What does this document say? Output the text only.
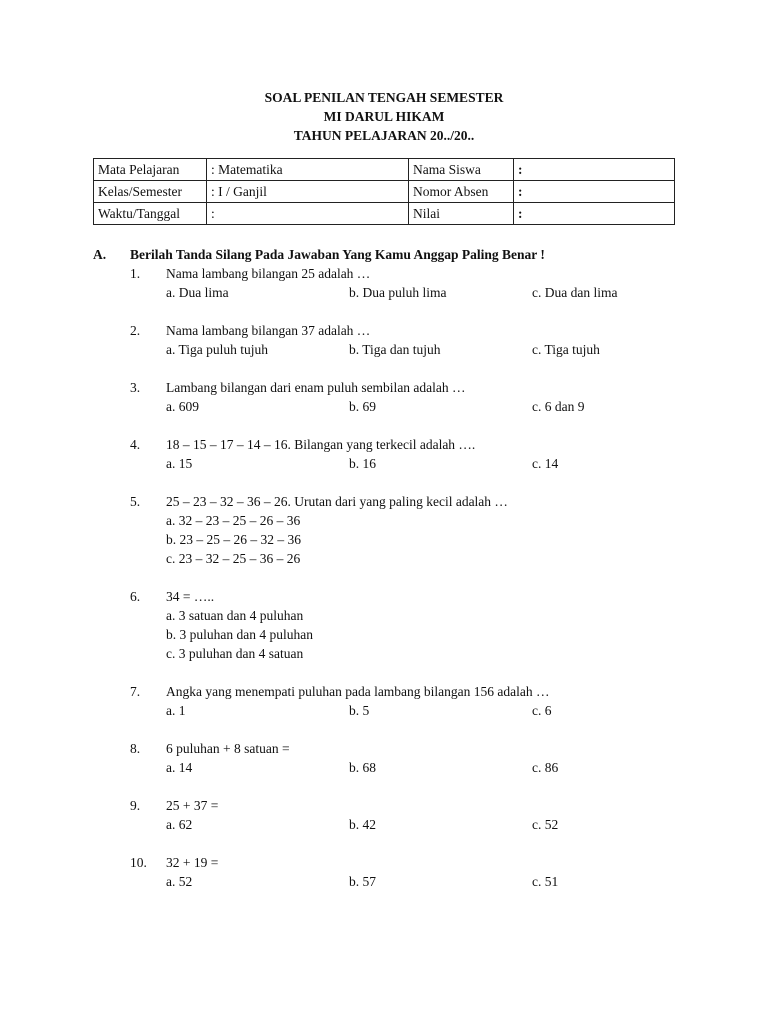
SOAL PENILAN TENGAH SEMESTER
MI DARUL HIKAM
TAHUN PELAJARAN 20../20..
Mata Pelajaran	: Matematika	Nama Siswa	:
Kelas/Semester	: I / Ganjil	Nomor Absen	:
Waktu/Tanggal	:	Nilai	:
A. Berilah Tanda Silang Pada Jawaban Yang Kamu Anggap Paling Benar !
1. Nama lambang bilangan 25 adalah …
a. Dua lima	b. Dua puluh lima	c. Dua dan lima
2. Nama lambang bilangan 37 adalah …
a. Tiga puluh tujuh	b. Tiga dan tujuh	c. Tiga tujuh
3. Lambang bilangan dari enam puluh sembilan adalah …
a. 609	b. 69	c. 6 dan 9
4. 18 – 15 – 17 – 14 – 16. Bilangan yang terkecil adalah ….
a. 15	b. 16	c. 14
5. 25 – 23 – 32 – 36 – 26. Urutan dari yang paling kecil adalah …
a. 32 – 23 – 25 – 26 – 36
b. 23 – 25 – 26 – 32 – 36
c. 23 – 32 – 25 – 36 – 26
6. 34 = …..
a. 3 satuan dan 4 puluhan
b. 3 puluhan dan 4 puluhan
c. 3 puluhan dan 4 satuan
7. Angka yang menempati puluhan pada lambang bilangan 156 adalah …
a. 1	b. 5	c. 6
8. 6 puluhan + 8 satuan =
a. 14	b. 68	c. 86
9. 25 + 37 =
a. 62	b. 42	c. 52
10. 32 + 19 =
a. 52	b. 57	c. 51
